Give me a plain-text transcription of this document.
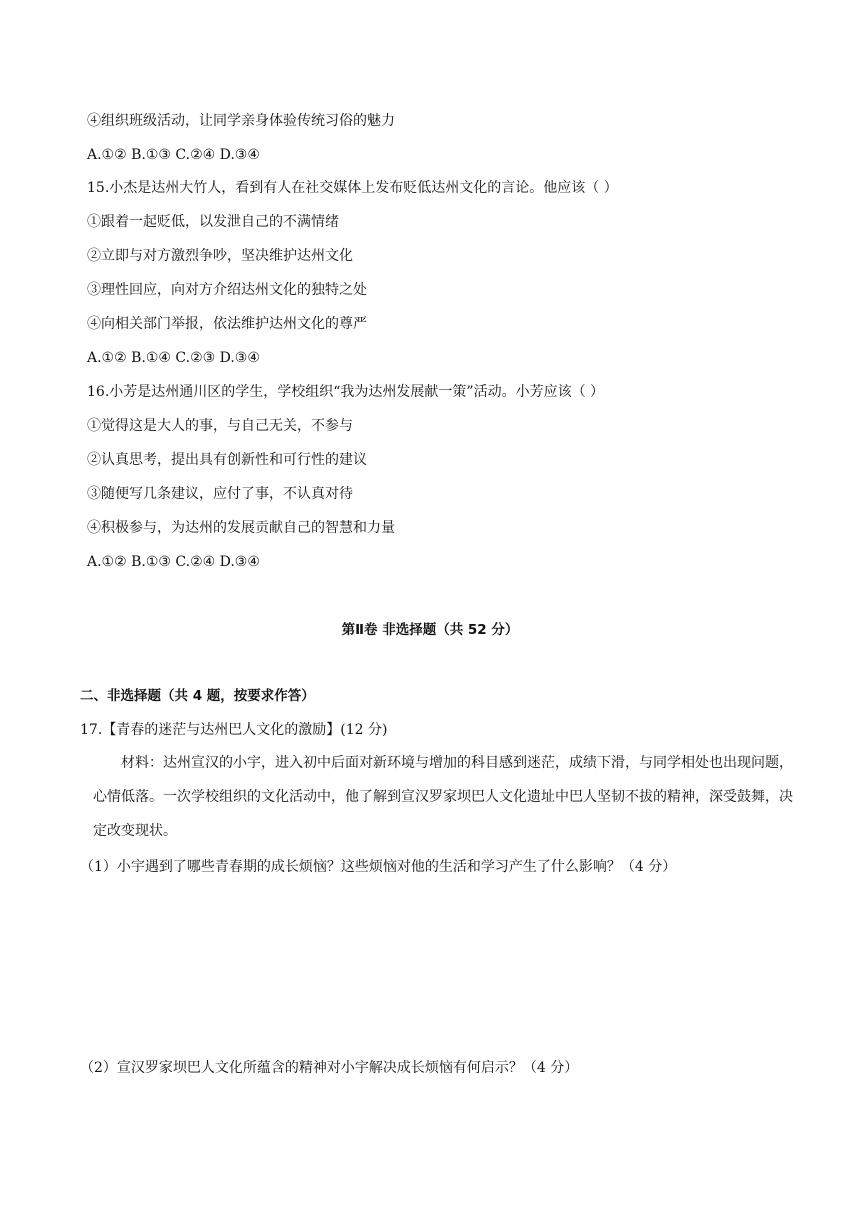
④组织班级活动，让同学亲身体验传统习俗的魅力
A.①② B.①③ C.②④ D.③④
15.小杰是达州大竹人，看到有人在社交媒体上发布贬低达州文化的言论。他应该（ ）
①跟着一起贬低，以发泄自己的不满情绪
②立即与对方激烈争吵，坚决维护达州文化
③理性回应，向对方介绍达州文化的独特之处
④向相关部门举报，依法维护达州文化的尊严
A.①② B.①④ C.②③ D.③④
16.小芳是达州通川区的学生，学校组织“我为达州发展献一策”活动。小芳应该（ ）
①觉得这是大人的事，与自己无关，不参与
②认真思考，提出具有创新性和可行性的建议
③随便写几条建议，应付了事，不认真对待
④积极参与，为达州的发展贡献自己的智慧和力量
A.①② B.①③ C.②④ D.③④
第Ⅱ卷 非选择题（共 52 分）
二、非选择题（共 4 题，按要求作答）
17.【青春的迷茫与达州巴人文化的激励】(12 分)
材料：达州宣汉的小宇，进入初中后面对新环境与增加的科目感到迷茫，成绩下滑，与同学相处也出现问题，心情低落。一次学校组织的文化活动中，他了解到宣汉罗家坝巴人文化遗址中巴人坚韧不拔的精神，深受鼓舞，决定改变现状。
（1）小宇遇到了哪些青春期的成长烦恼？这些烦恼对他的生活和学习产生了什么影响？（4 分）
（2）宣汉罗家坝巴人文化所蕴含的精神对小宇解决成长烦恼有何启示？（4 分）
